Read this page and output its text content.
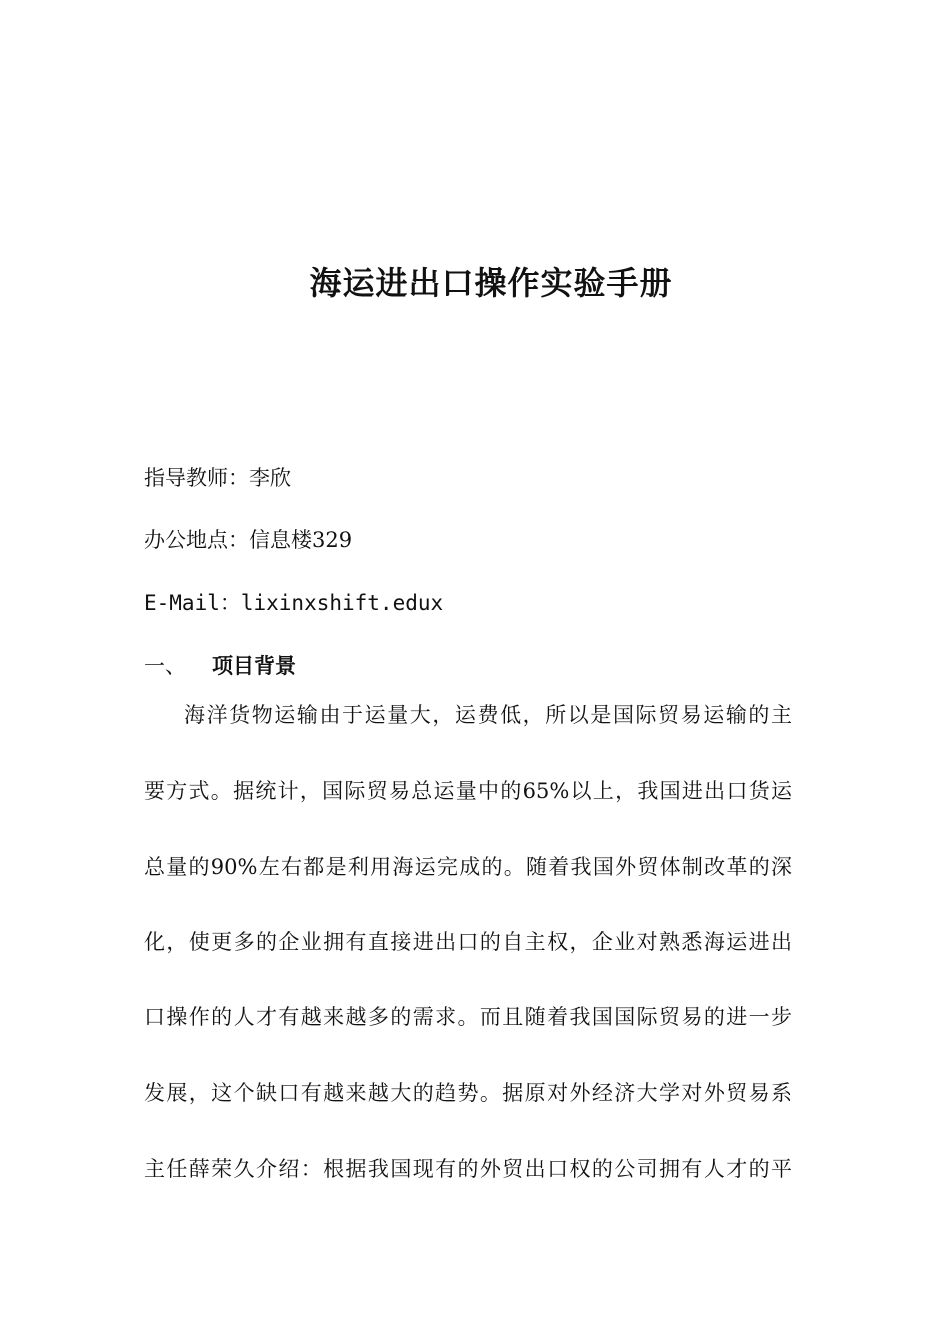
海运进出口操作实验手册

指导教师：李欣

办公地点：信息楼329

E-Mail：lixinxshift.edux

一、 项目背景

海洋货物运输由于运量大，运费低，所以是国际贸易运输的主

要方式。据统计，国际贸易总运量中的65%以上，我国进出口货运

总量的90%左右都是利用海运完成的。随着我国外贸体制改革的深

化，使更多的企业拥有直接进出口的自主权，企业对熟悉海运进出

口操作的人才有越来越多的需求。而且随着我国国际贸易的进一步

发展，这个缺口有越来越大的趋势。据原对外经济大学对外贸易系

主任薛荣久介绍：根据我国现有的外贸出口权的公司拥有人才的平
